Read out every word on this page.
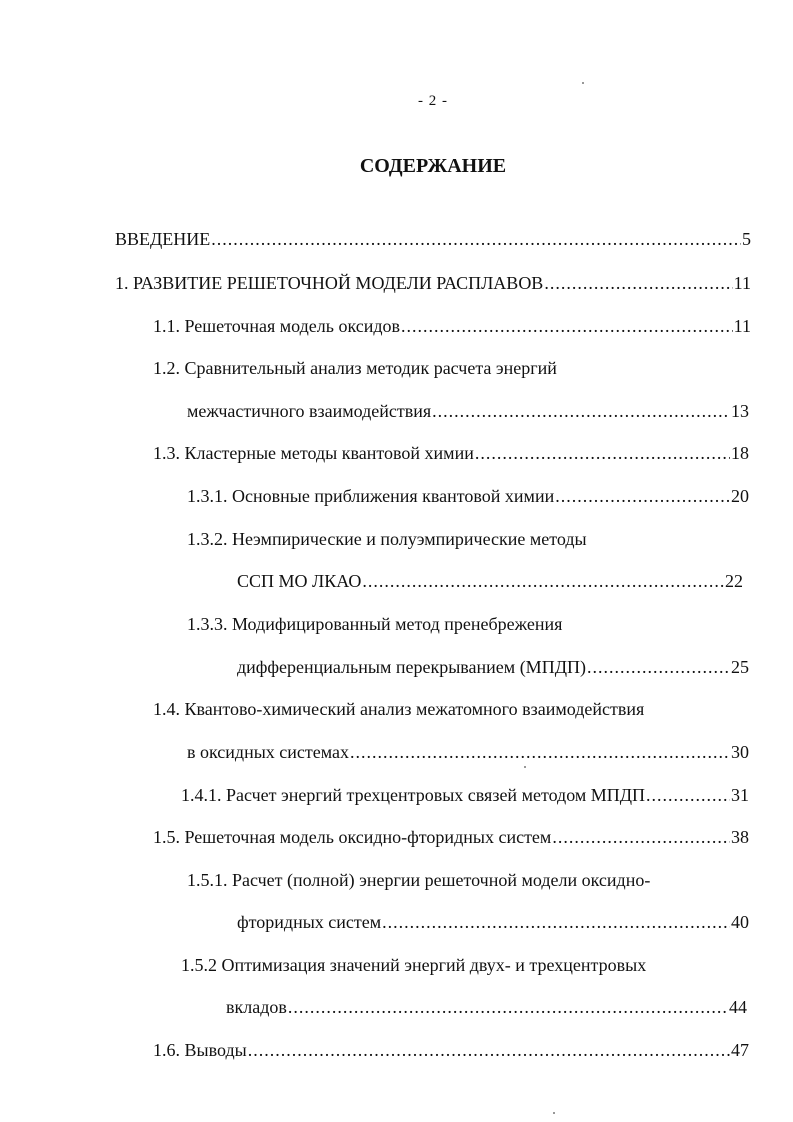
- 2 -
СОДЕРЖАНИЕ
ВВЕДЕНИЕ .....	5
1. РАЗВИТИЕ РЕШЕТОЧНОЙ МОДЕЛИ РАСПЛАВОВ .....	11
1.1. Решеточная модель оксидов .....	11
1.2. Сравнительный анализ методик расчета энергий
межчастичного взаимодействия .....	13
1.3. Кластерные методы квантовой химии .....	18
1.3.1. Основные приближения квантовой химии .....	20
1.3.2. Неэмпирические и полуэмпирические методы
ССП МО ЛКАО .....	22
1.3.3. Модифицированный метод пренебрежения
дифференциальным перекрыванием (МПДП) .....	25
1.4. Квантово-химический анализ межатомного взаимодействия
в оксидных системах .....	30
1.4.1. Расчет энергий трехцентровых связей методом МПДП .....	31
1.5. Решеточная модель оксидно-фторидных систем .....	38
1.5.1. Расчет (полной) энергии решеточной модели оксидно-
фторидных систем .....	40
1.5.2 Оптимизация значений энергий двух- и трехцентровых
вкладов .....	44
1.6. Выводы .....	47
